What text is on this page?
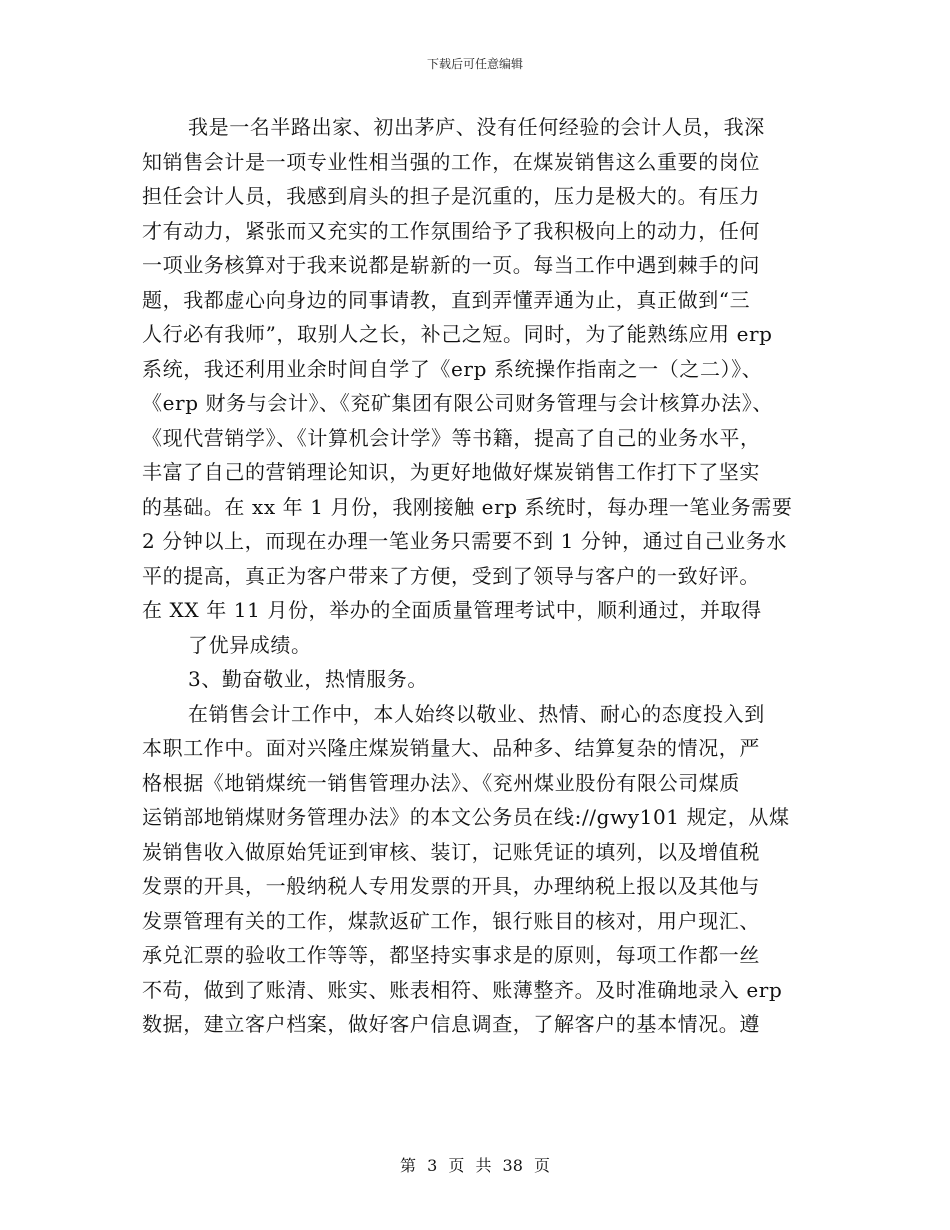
下载后可任意编辑
我是一名半路出家、初出茅庐、没有任何经验的会计人员，我深
知销售会计是一项专业性相当强的工作，在煤炭销售这么重要的岗位
担任会计人员，我感到肩头的担子是沉重的，压力是极大的。有压力
才有动力，紧张而又充实的工作氛围给予了我积极向上的动力，任何
一项业务核算对于我来说都是崭新的一页。每当工作中遇到棘手的问
题，我都虚心向身边的同事请教，直到弄懂弄通为止，真正做到“三
人行必有我师”，取别人之长，补己之短。同时，为了能熟练应用 erp
系统，我还利用业余时间自学了《erp 系统操作指南之一（之二）》、
《erp 财务与会计》、《兖矿集团有限公司财务管理与会计核算办法》、
《现代营销学》、《计算机会计学》等书籍，提高了自己的业务水平，
丰富了自己的营销理论知识，为更好地做好煤炭销售工作打下了坚实
的基础。在 xx 年 1 月份，我刚接触 erp 系统时，每办理一笔业务需要
2 分钟以上，而现在办理一笔业务只需要不到 1 分钟，通过自己业务水
平的提高，真正为客户带来了方便，受到了领导与客户的一致好评。
在 XX 年 11 月份，举办的全面质量管理考试中，顺利通过，并取得
了优异成绩。
3、勤奋敬业，热情服务。
在销售会计工作中，本人始终以敬业、热情、耐心的态度投入到
本职工作中。面对兴隆庄煤炭销量大、品种多、结算复杂的情况，严
格根据《地销煤统一销售管理办法》、《兖州煤业股份有限公司煤质
运销部地销煤财务管理办法》的本文公务员在线://gwy101 规定，从煤
炭销售收入做原始凭证到审核、装订，记账凭证的填列，以及增值税
发票的开具，一般纳税人专用发票的开具，办理纳税上报以及其他与
发票管理有关的工作，煤款返矿工作，银行账目的核对，用户现汇、
承兑汇票的验收工作等等，都坚持实事求是的原则，每项工作都一丝
不苟，做到了账清、账实、账表相符、账薄整齐。及时准确地录入 erp
数据，建立客户档案，做好客户信息调查，了解客户的基本情况。遵
第 3 页 共 38 页
